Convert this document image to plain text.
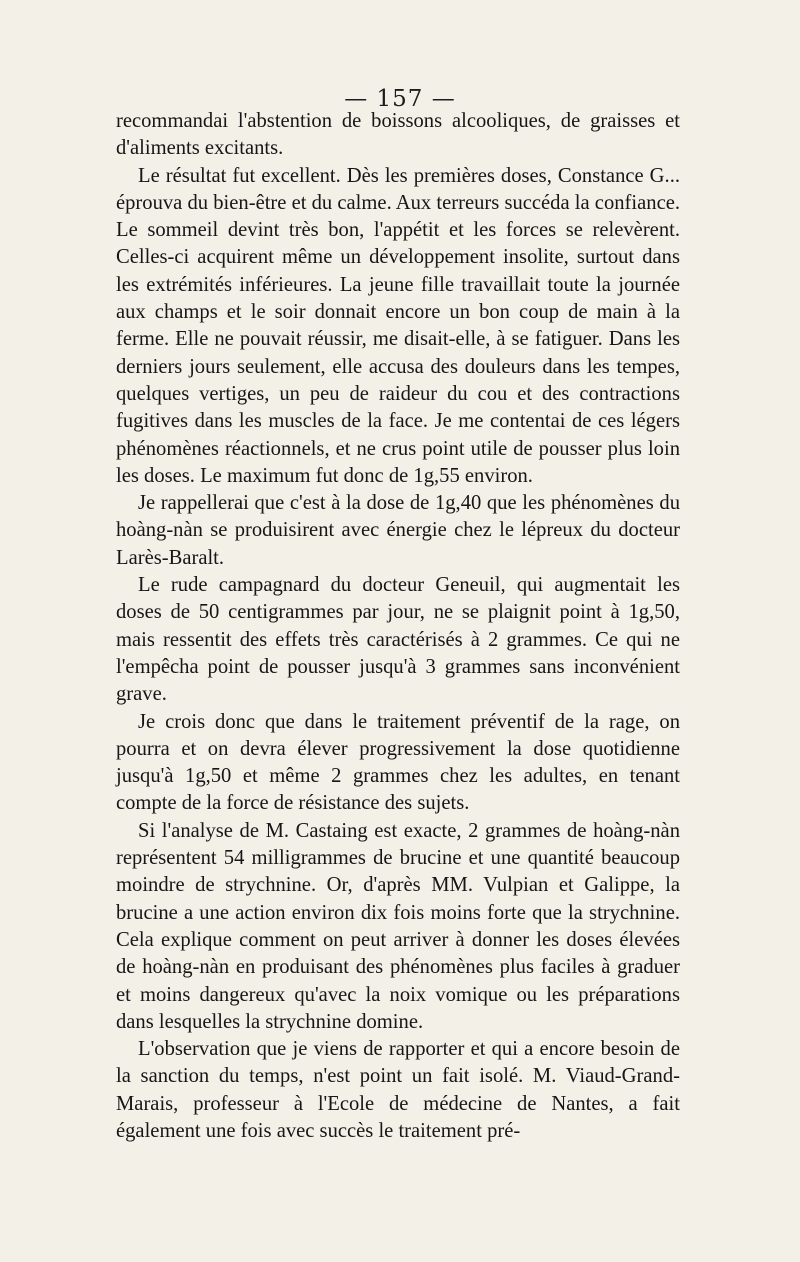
— 157 —

recommandai l'abstention de boissons alcooliques, de graisses et d'aliments excitants.

Le résultat fut excellent. Dès les premières doses, Constance G... éprouva du bien-être et du calme. Aux terreurs succéda la confiance. Le sommeil devint très bon, l'appétit et les forces se relevèrent. Celles-ci acquirent même un développement insolite, surtout dans les extrémités inférieures. La jeune fille travaillait toute la journée aux champs et le soir donnait encore un bon coup de main à la ferme. Elle ne pouvait réussir, me disait-elle, à se fatiguer. Dans les derniers jours seulement, elle accusa des douleurs dans les tempes, quelques vertiges, un peu de raideur du cou et des contractions fugitives dans les muscles de la face. Je me contentai de ces légers phénomènes réactionnels, et ne crus point utile de pousser plus loin les doses. Le maximum fut donc de 1g,55 environ.

Je rappellerai que c'est à la dose de 1g,40 que les phénomènes du hoàng-nàn se produisirent avec énergie chez le lépreux du docteur Larès-Baralt.

Le rude campagnard du docteur Geneuil, qui augmentait les doses de 50 centigrammes par jour, ne se plaignit point à 1g,50, mais ressentit des effets très caractérisés à 2 grammes. Ce qui ne l'empêcha point de pousser jusqu'à 3 grammes sans inconvénient grave.

Je crois donc que dans le traitement préventif de la rage, on pourra et on devra élever progressivement la dose quotidienne jusqu'à 1g,50 et même 2 grammes chez les adultes, en tenant compte de la force de résistance des sujets.

Si l'analyse de M. Castaing est exacte, 2 grammes de hoàng-nàn représentent 54 milligrammes de brucine et une quantité beaucoup moindre de strychnine. Or, d'après MM. Vulpian et Galippe, la brucine a une action environ dix fois moins forte que la strychnine. Cela explique comment on peut arriver à donner les doses élevées de hoàng-nàn en produisant des phénomènes plus faciles à graduer et moins dangereux qu'avec la noix vomique ou les préparations dans lesquelles la strychnine domine.

L'observation que je viens de rapporter et qui a encore besoin de la sanction du temps, n'est point un fait isolé. M. Viaud-Grand-Marais, professeur à l'Ecole de médecine de Nantes, a fait également une fois avec succès le traitement pré-
